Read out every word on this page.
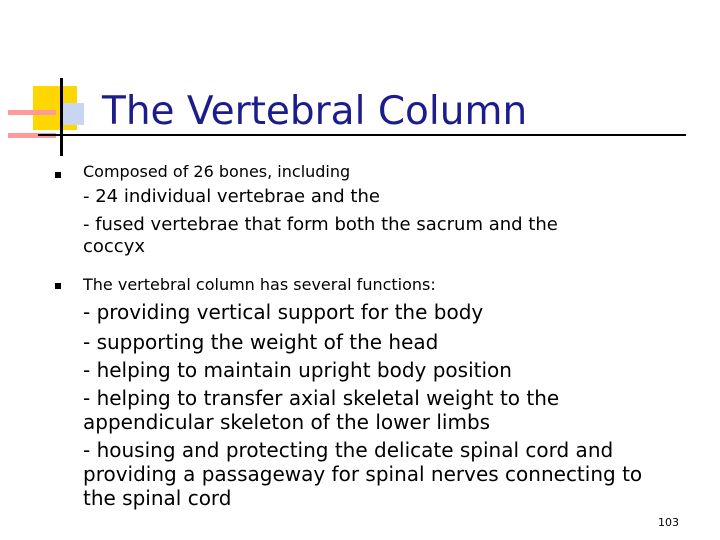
The Vertebral Column
Composed of 26 bones, including
- 24 individual vertebrae and the
- fused vertebrae that form both the sacrum and the
coccyx
The vertebral column has several functions:
- providing vertical support for the body
- supporting the weight of the head
- helping to maintain upright body position
- helping to transfer axial skeletal weight to the
appendicular skeleton of the lower limbs
- housing and protecting the delicate spinal cord and
providing a passageway for spinal nerves connecting to
the spinal cord
103
